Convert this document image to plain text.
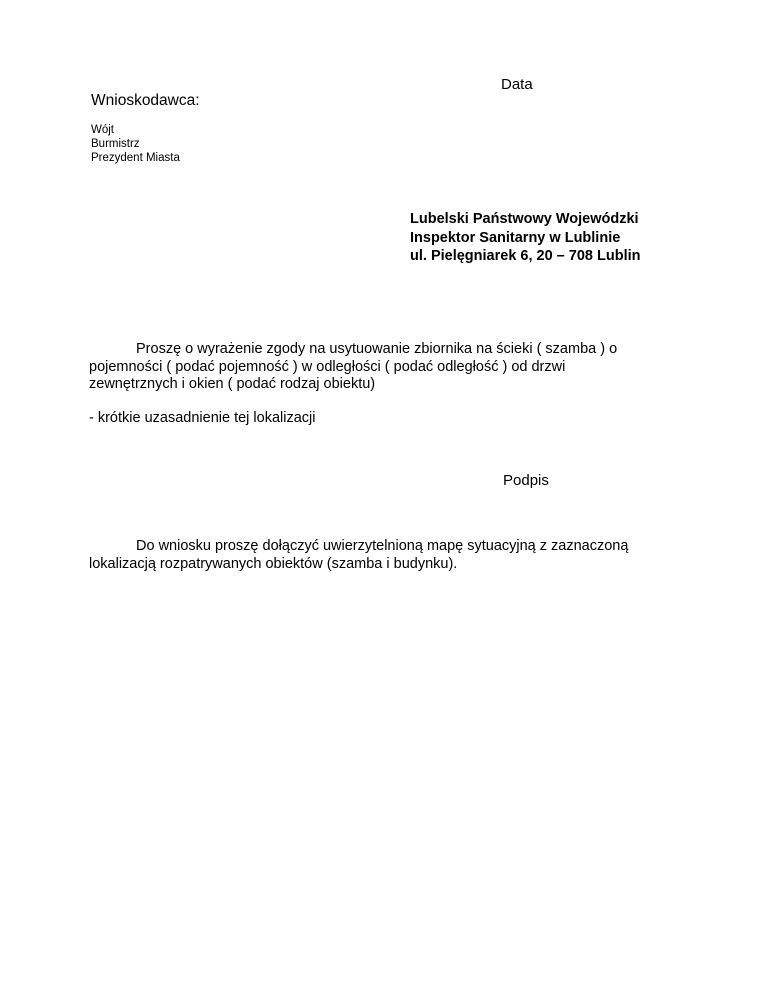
Data
Wnioskodawca:
Wójt
Burmistrz
Prezydent Miasta
Lubelski Państwowy Wojewódzki
Inspektor Sanitarny w Lublinie
ul. Pielęgniarek 6, 20 – 708 Lublin
Proszę o wyrażenie zgody na usytuowanie zbiornika na ścieki ( szamba ) o
pojemności ( podać pojemność ) w odległości ( podać odległość ) od drzwi
zewnętrznych i okien ( podać rodzaj obiektu)
- krótkie uzasadnienie tej lokalizacji
Podpis
Do wniosku proszę dołączyć uwierzytelnioną mapę sytuacyjną z zaznaczoną
lokalizacją rozpatrywanych obiektów (szamba i budynku).
